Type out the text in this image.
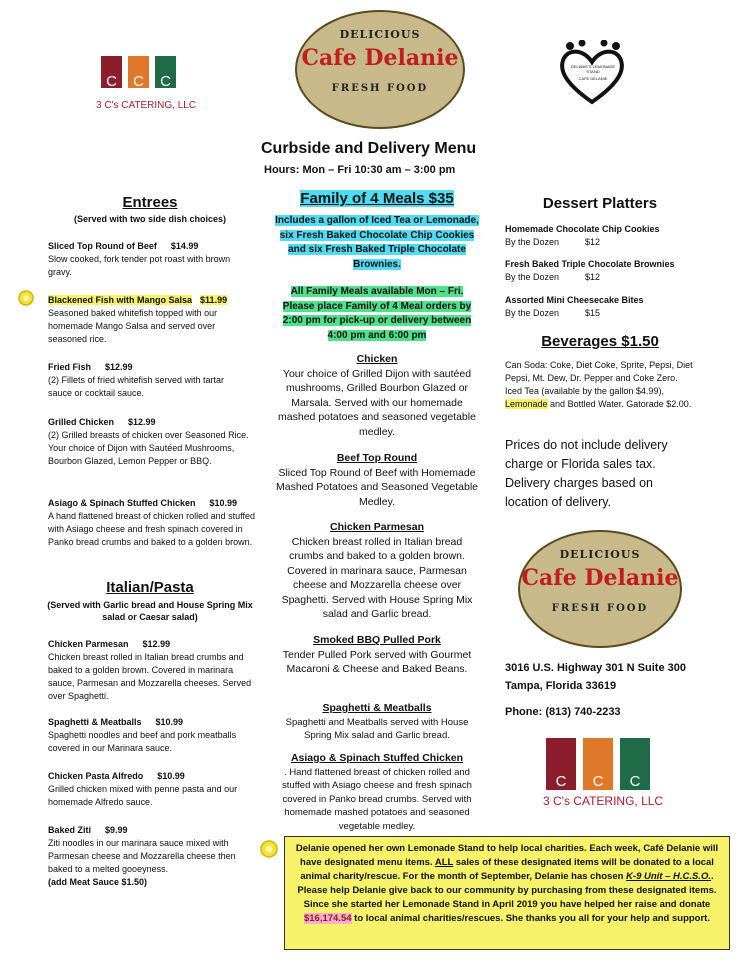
C	C	C
3 C's CATERING, LLC
DELICIOUS
Cafe Delanie
FRESH FOOD
DELANIE'S LEMONADE STAND
CAFE DELANIE
Curbside and Delivery Menu
Hours: Mon – Fri 10:30 am – 3:00 pm
Entrees
(Served with two side dish choices)
Sliced Top Round of Beef $14.99
Slow cooked, fork tender pot roast with brown gravy.
Blackened Fish with Mango Salsa $11.99
Seasoned baked whitefish topped with our homemade Mango Salsa and served over seasoned rice.
Fried Fish $12.99
(2) Fillets of fried whitefish served with tartar sauce or cocktail sauce.
Grilled Chicken $12.99
(2) Grilled breasts of chicken over Seasoned Rice. Your choice of Dijon with Sautéed Mushrooms, Bourbon Glazed, Lemon Pepper or BBQ.
Asiago & Spinach Stuffed Chicken $10.99
A hand flattened breast of chicken rolled and stuffed with Asiago cheese and fresh spinach covered in Panko bread crumbs and baked to a golden brown.
Italian/Pasta
(Served with Garlic bread and House Spring Mix salad or Caesar salad)
Chicken Parmesan $12.99
Chicken breast rolled in Italian bread crumbs and baked to a golden brown. Covered in marinara sauce, Parmesan and Mozzarella cheeses. Served over Spaghetti.
Spaghetti & Meatballs $10.99
Spaghetti noodles and beef and pork meatballs covered in our Marinara sauce.
Chicken Pasta Alfredo $10.99
Grilled chicken mixed with penne pasta and our homemade Alfredo sauce.
Baked Ziti $9.99
Ziti noodles in our marinara sauce mixed with Parmesan cheese and Mozzarella cheese then baked to a melted gooeyness.
(add Meat Sauce $1.50)
Family of 4 Meals $35
Includes a gallon of Iced Tea or Lemonade, six Fresh Baked Chocolate Chip Cookies and six Fresh Baked Triple Chocolate Brownies.
All Family Meals available Mon – Fri. Please place Family of 4 Meal orders by 2:00 pm for pick-up or delivery between 4:00 pm and 6:00 pm
Chicken
Your choice of Grilled Dijon with sautéed mushrooms, Grilled Bourbon Glazed or Marsala. Served with our homemade mashed potatoes and seasoned vegetable medley.
Beef Top Round
Sliced Top Round of Beef with Homemade Mashed Potatoes and Seasoned Vegetable Medley.
Chicken Parmesan
Chicken breast rolled in Italian bread crumbs and baked to a golden brown. Covered in marinara sauce, Parmesan cheese and Mozzarella cheese over Spaghetti. Served with House Spring Mix salad and Garlic bread.
Smoked BBQ Pulled Pork
Tender Pulled Pork served with Gourmet Macaroni & Cheese and Baked Beans.
Spaghetti & Meatballs
Spaghetti and Meatballs served with House Spring Mix salad and Garlic bread.
Asiago & Spinach Stuffed Chicken
. Hand flattened breast of chicken rolled and stuffed with Asiago cheese and fresh spinach covered in Panko bread crumbs. Served with homemade mashed potatoes and seasoned vegetable medley.
Dessert Platters
Homemade Chocolate Chip Cookies
By the Dozen	$12
Fresh Baked Triple Chocolate Brownies
By the Dozen	$12
Assorted Mini Cheesecake Bites
By the Dozen	$15
Beverages $1.50
Can Soda: Coke, Diet Coke, Sprite, Pepsi, Diet Pepsi, Mt. Dew, Dr. Pepper and Coke Zero. Iced Tea (available by the gallon $4.99), Lemonade and Bottled Water. Gatorade $2.00.
Prices do not include delivery charge or Florida sales tax. Delivery charges based on location of delivery.
DELICIOUS
Cafe Delanie
FRESH FOOD
3016 U.S. Highway 301 N Suite 300
Tampa, Florida 33619
Phone: (813) 740-2233
C	C	C
3 C's CATERING, LLC
Delanie opened her own Lemonade Stand to help local charities. Each week, Café Delanie will have designated menu items. ALL sales of these designated items will be donated to a local animal charity/rescue. For the month of September, Delanie has chosen K-9 Unit – H.C.S.O.. Please help Delanie give back to our community by purchasing from these designated items. Since she started her Lemonade Stand in April 2019 you have helped her raise and donate $16,174.54 to local animal charities/rescues. She thanks you all for your help and support.
